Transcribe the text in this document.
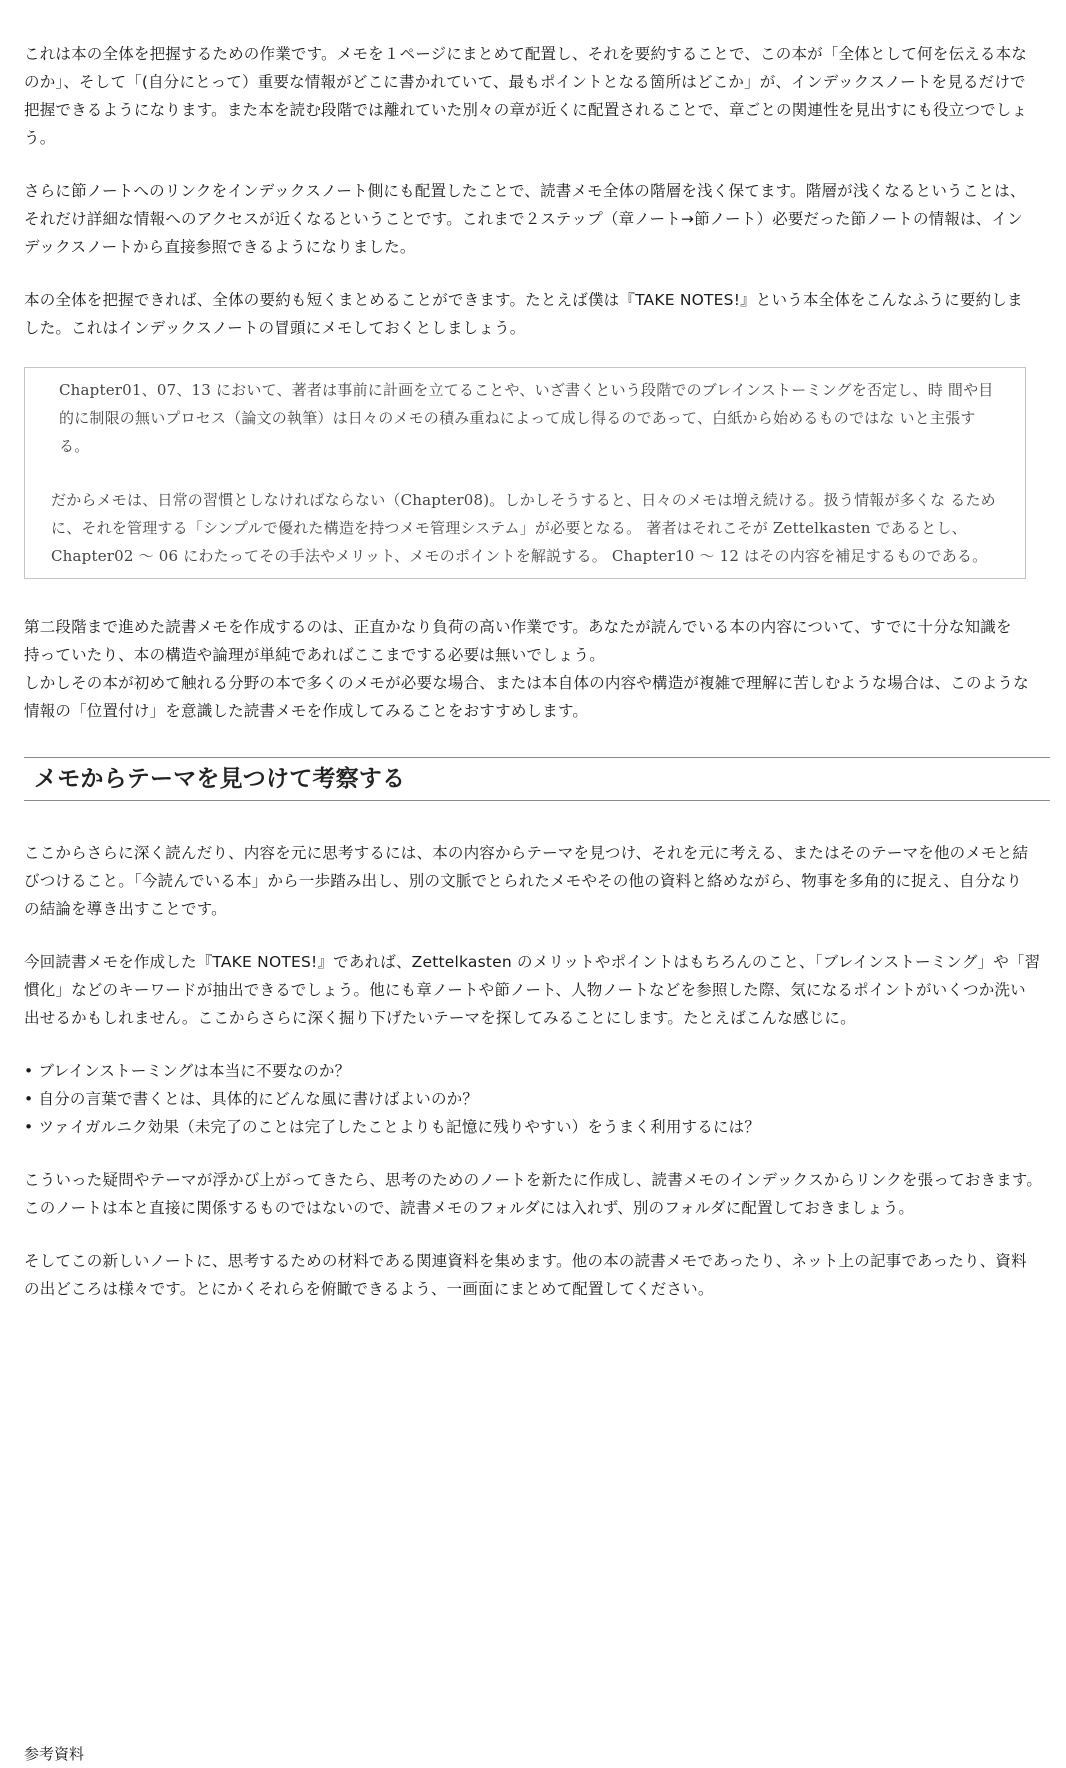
これは本の全体を把握するための作業です。メモを１ページにまとめて配置し、それを要約することで、この本が「全体として何を伝える本な
のか」、そして「(自分にとって）重要な情報がどこに書かれていて、最もポイントとなる箇所はどこか」が、インデックスノートを見るだけで
把握できるようになります。また本を読む段階では離れていた別々の章が近くに配置されることで、章ごとの関連性を見出すにも役立つでしょ
う。
さらに節ノートへのリンクをインデックスノート側にも配置したことで、読書メモ全体の階層を浅く保てます。階層が浅くなるということは、
それだけ詳細な情報へのアクセスが近くなるということです。これまで２ステップ（章ノート→節ノート）必要だった節ノートの情報は、イン
デックスノートから直接参照できるようになりました。
本の全体を把握できれば、全体の要約も短くまとめることができます。たとえば僕は『TAKE NOTES!』という本全体をこんなふうに要約しま
した。これはインデックスノートの冒頭にメモしておくとしましょう。
Chapter01、07、13 において、著者は事前に計画を立てることや、いざ書くという段階でのブレインストーミングを否定し、時 間や目的に制限の無いプロセス（論文の執筆）は日々のメモの積み重ねによって成し得るのであって、白紙から始めるものではな いと主張する。
だからメモは、日常の習慣としなければならない（Chapter08)。しかしそうすると、日々のメモは増え続ける。扱う情報が多くな るために、それを管理する「シンプルで優れた構造を持つメモ管理システム」が必要となる。 著者はそれこそが Zettelkasten であるとし、Chapter02 〜 06 にわたってその手法やメリット、メモのポイントを解説する。 Chapter10 〜 12 はその内容を補足するものである。
第二段階まで進めた読書メモを作成するのは、正直かなり負荷の高い作業です。あなたが読んでいる本の内容について、すでに十分な知識を
持っていたり、本の構造や論理が単純であればここまでする必要は無いでしょう。
しかしその本が初めて触れる分野の本で多くのメモが必要な場合、または本自体の内容や構造が複雑で理解に苦しむような場合は、このような
情報の「位置付け」を意識した読書メモを作成してみることをおすすめします。
メモからテーマを見つけて考察する
ここからさらに深く読んだり、内容を元に思考するには、本の内容からテーマを見つけ、それを元に考える、またはそのテーマを他のメモと結
びつけること。「今読んでいる本」から一歩踏み出し、別の文脈でとられたメモやその他の資料と絡めながら、物事を多角的に捉え、自分なり
の結論を導き出すことです。
今回読書メモを作成した『TAKE NOTES!』であれば、Zettelkasten のメリットやポイントはもちろんのこと、「ブレインストーミング」や「習
慣化」などのキーワードが抽出できるでしょう。他にも章ノートや節ノート、人物ノートなどを参照した際、気になるポイントがいくつか洗い
出せるかもしれません。ここからさらに深く掘り下げたいテーマを探してみることにします。たとえばこんな感じに。
• ブレインストーミングは本当に不要なのか？
• 自分の言葉で書くとは、具体的にどんな風に書けばよいのか？
• ツァイガルニク効果（未完了のことは完了したことよりも記憶に残りやすい）をうまく利用するには？
こういった疑問やテーマが浮かび上がってきたら、思考のためのノートを新たに作成し、読書メモのインデックスからリンクを張っておきます。
このノートは本と直接に関係するものではないので、読書メモのフォルダには入れず、別のフォルダに配置しておきましょう。
そしてこの新しいノートに、思考するための材料である関連資料を集めます。他の本の読書メモであったり、ネット上の記事であったり、資料
の出どころは様々です。とにかくそれらを俯瞰できるよう、一画面にまとめて配置してください。
参考資料
